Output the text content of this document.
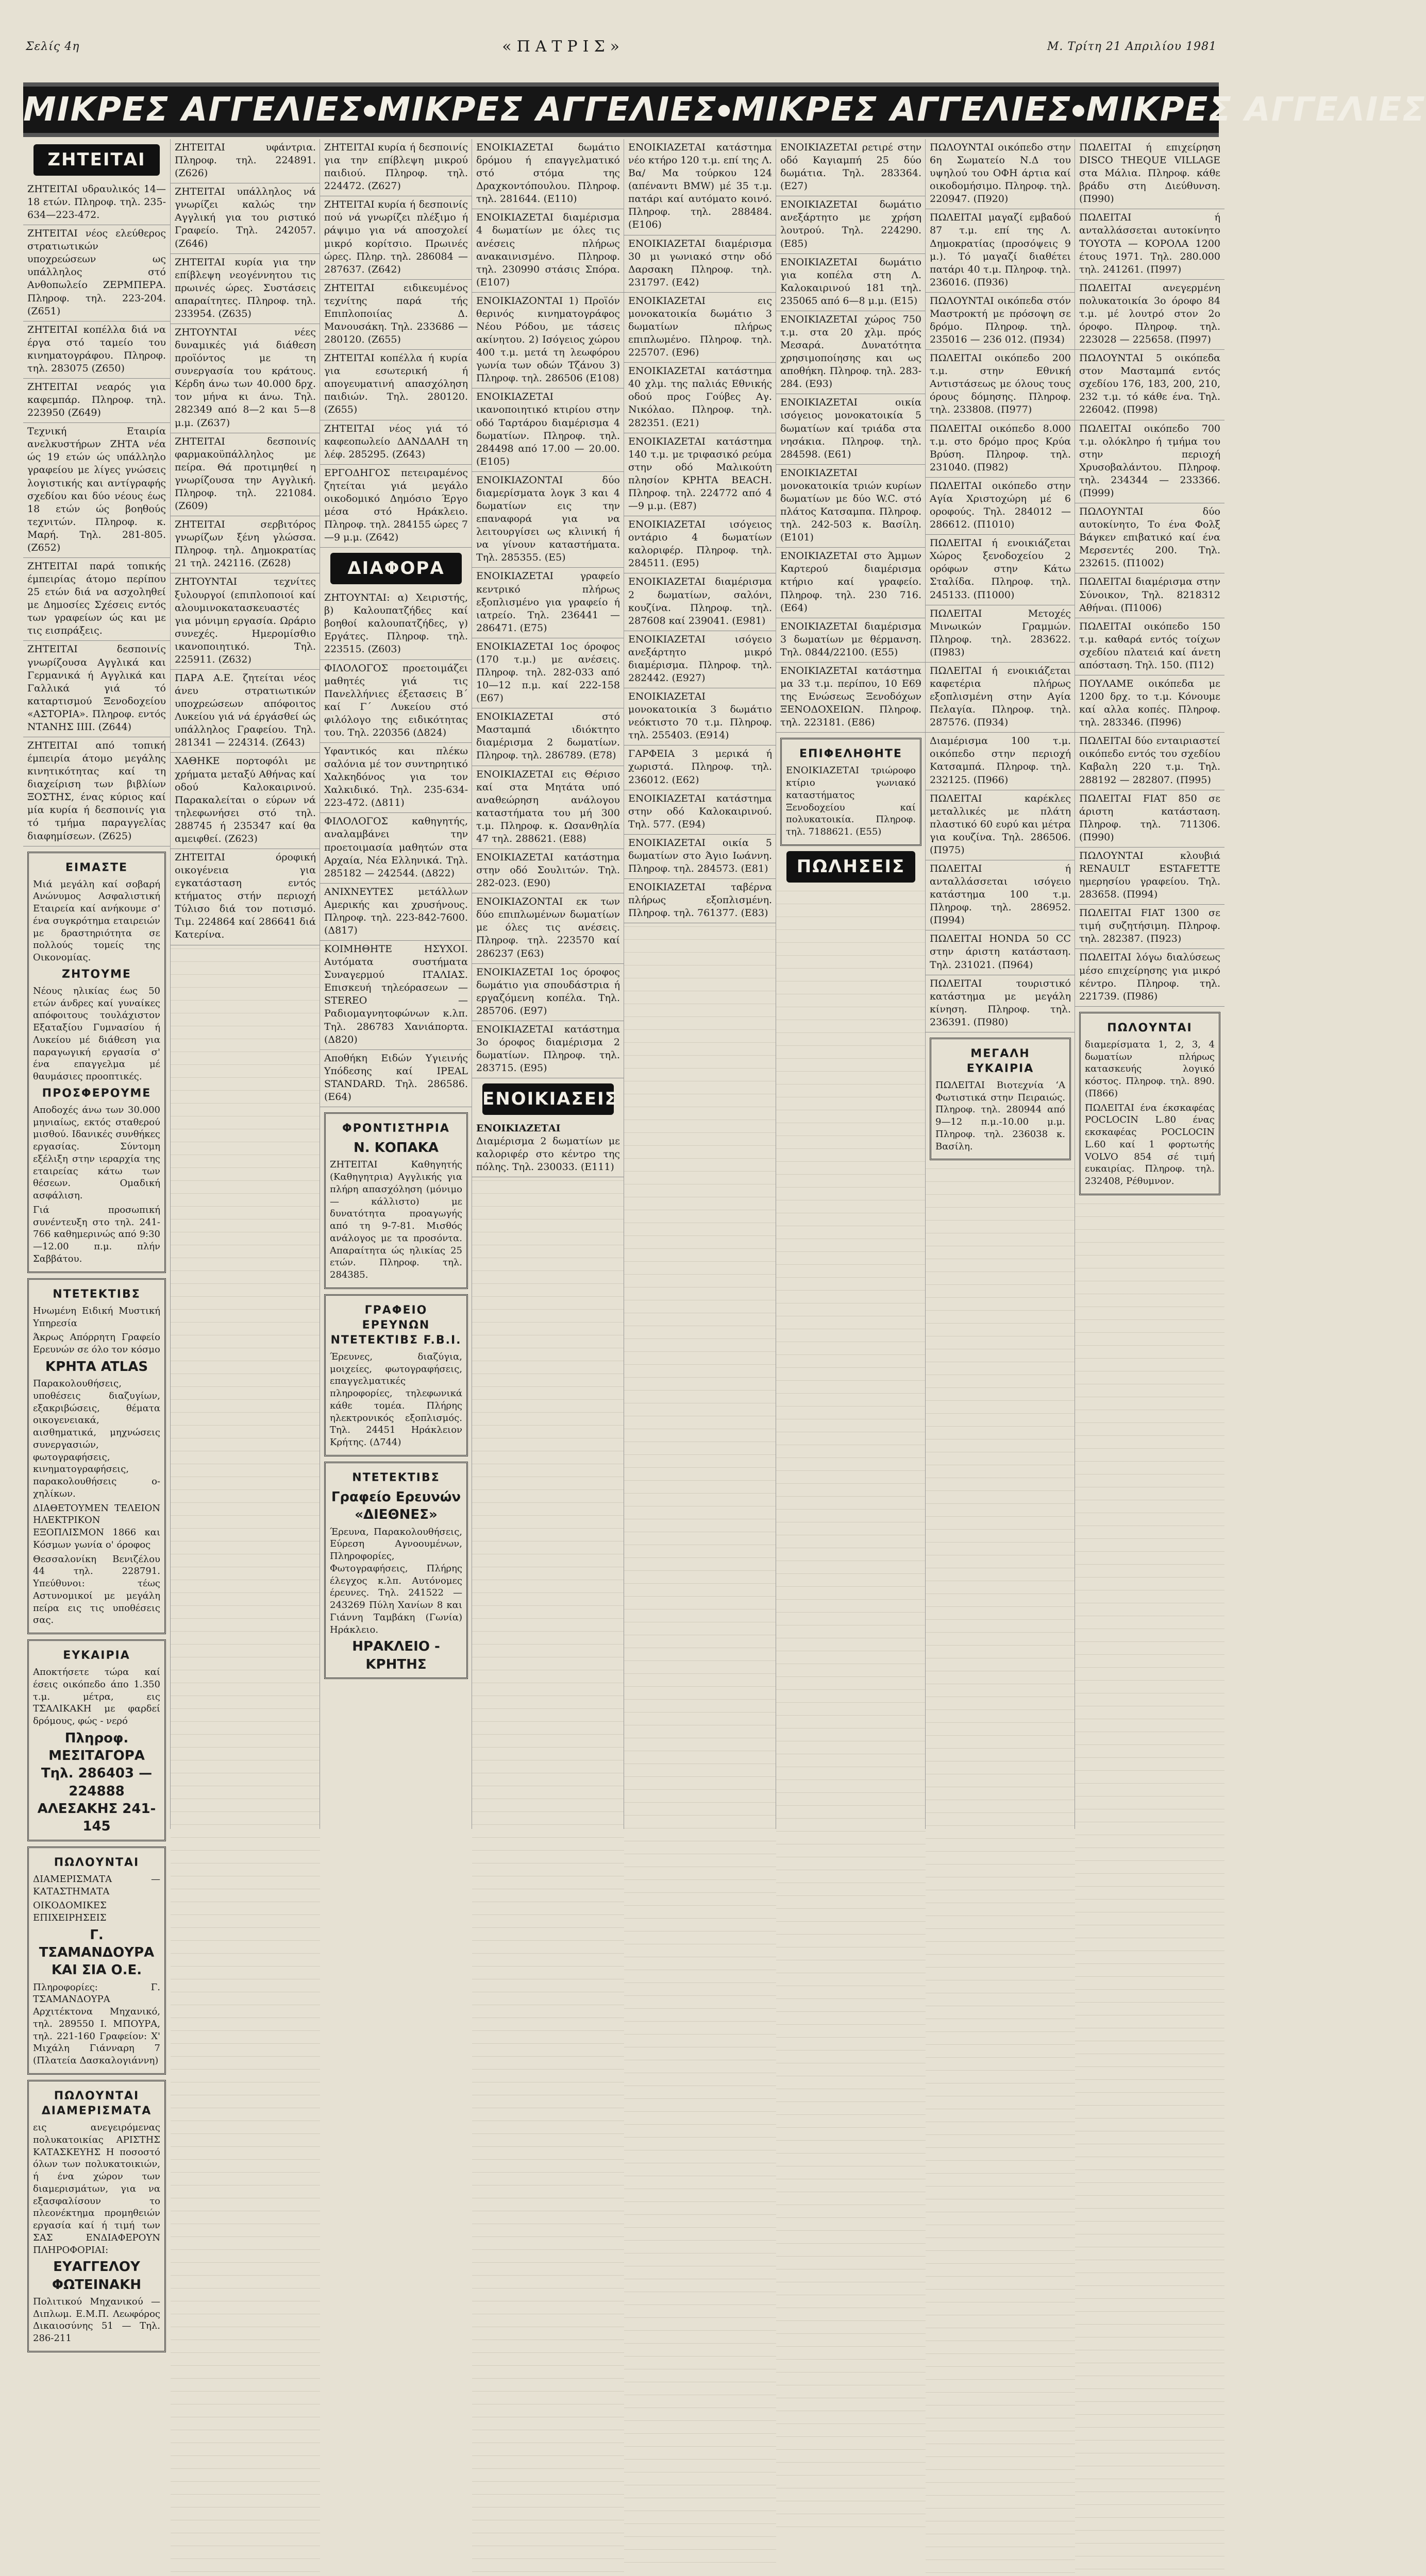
Σελίς 4η	«ΠΑΤΡΙΣ»	Μ. Τρίτη 21 Απριλίου 1981
ΜΙΚΡΕΣ ΑΓΓΕΛΙΕΣ ● ΜΙΚΡΕΣ ΑΓΓΕΛΙΕΣ ● ΜΙΚΡΕΣ ΑΓΓΕΛΙΕΣ ● ΜΙΚΡΕΣ ΑΓΓΕΛΙΕΣ
ΖΗΤΕΙΤΑΙ
ΖΗΤΕΙΤΑΙ υδραυλικός 14—18 ετών. Πληροφ. τηλ. 235-634—223-472.
ΖΗΤΕΙΤΑΙ νέος ελεύθερος στρατιωτικών υποχρεώσεων ως υπάλληλος στό Ανθοπωλείο ΖΕΡΜΠΕΡΑ. Πληροφ. τηλ. 223-204. (Ζ651)
ΖΗΤΕΙΤΑΙ κοπέλλα διά να έργα στό ταμείο του κινηματογράφου. Πληροφ. τηλ. 283075 (Ζ650)
ΖΗΤΕΙΤΑΙ νεαρός για καφεμπάρ. Πληροφ. τηλ. 223950 (Ζ649)
Τεχνική Εταιρία ανελκυστήρων ΖΗΤΑ νέα ώς 19 ετών ώς υπάλληλο γραφείου με λίγες γνώσεις λογιστικής και αντίγραφής σχεδίου και δύο νέους έως 18 ετών ώς βοηθούς τεχνιτών. Πληροφ. κ. Μαρή. Τηλ. 281-805. (Ζ652)
ΖΗΤΕΙΤΑΙ παρά τοπικής έμπειρίας άτομο περίπου 25 ετών διά να ασχοληθεί με Δημοσίες Σχέσεις εντός των γραφείων ώς και με τις εισπράξεις.
ΖΗΤΕΙΤΑΙ δεσποινίς γνωρίζουσα Αγγλικά και Γερμανικά ή Αγγλικά και Γαλλικά γιά τό καταρτισμού Ξενοδοχείου «ΑΣΤΟΡΙΑ». Πληροφ. εντός ΝΤΑΝΗΣ ΙΙΙΙ. (Ζ644)
ΖΗΤΕΙΤΑΙ από τοπική έμπειρία άτομο μεγάλης κινητικότητας καί τη διαχείριση των βιβλίων ΞΟΣΤΗΣ, ένας κύριος καί μία κυρία ή δεσποινίς για τό τμήμα παραγγελίας διαφημίσεων. (Ζ625)
ΕΙΜΑΣΤΕ

Μιά μεγάλη καί σοβαρή Ανώνυμος Ασφαλιστική Εταιρεία καί ανήκουμε σ' ένα συγκρότημα εταιρειών με δραστηριότητα σε πολλούς τομείς της Οικονομίας.

ΖΗΤΟΥΜΕ

Νέους ηλικίας έως 50 ετών άνδρες καί γυναίκες απόφοιτους τουλάχιστον Εξαταξίου Γυμνασίου ή Λυκείου μέ διάθεση για παραγωγική εργασία σ' ένα επαγγελμα μέ θαυμάσιες προοπτικές.

ΠΡΟΣΦΕΡΟΥΜΕ

Αποδοχές άνω των 30.000 μηνιαίως, εκτός σταθερού μισθού. Ιδανικές συνθήκες εργασίας. Σύντομη εξέλιξη στην ιεραρχία της εταιρείας κάτω των θέσεων. Ομαδική ασφάλιση.

Γιά προσωπική συνέντευξη στο τηλ. 241-766 καθημερινώς από 9:30—12.00 π.μ. πλήν Σαββάτου.

ΝΤΕΤΕΚΤΙΒΣ

Ηνωμένη Ειδική Μυστική Υπηρεσία

Άκρως Απόρρητη Γραφείο Ερευνών σε όλο τον κόσμο

ΚΡΗΤΑ ATLAS

Παρακολουθήσεις, υποθέσεις διαζυγίων, εξακριβώσεις, θέματα οικογενειακά, αισθηματικά, μηχνώσεις συνεργασιών, φωτογραφήσεις, κινηματογραφήσεις, παρακολουθήσεις ο-χηλίκων.

ΔΙΑΘΕΤΟΥΜΕΝ ΤΕΛΕΙΟΝ ΗΛΕΚΤΡΙΚΟΝ ΕΞΟΠΛΙΣΜΟΝ 1866 και Κόσμων γωνία ο' όροφος

Θεσσαλονίκη Βενιζέλου 44 τηλ. 228791. Υπεύθυνοι: τέως Αστυνομικοί με μεγάλη πείρα εις τις υποθέσεις σας.

ΕΥΚΑΙΡΙΑ

Αποκτήσετε τώρα καί έσεις οικόπεδο άπο 1.350 τ.μ. μέτρα, εις ΤΣΑΛΙΚΑΚΗ με φαρδεί δρόμους, φώς - νερό

Πληροφ. ΜΕΣΙΤΑΓΟΡΑ
Τηλ. 286403 — 224888
ΑΛΕΣΑΚΗΣ 241-145
ΠΩΛΟΥΝΤΑΙ

ΔΙΑΜΕΡΙΣΜΑΤΑ — ΚΑΤΑΣΤΗΜΑΤΑ

ΟΙΚΟΔΟΜΙΚΕΣ ΕΠΙΧΕΙΡΗΣΕΙΣ

Γ. ΤΣΑΜΑΝΔΟΥΡΑ ΚΑΙ ΣΙΑ Ο.Ε.

Πληροφορίες: Γ. ΤΣΑΜΑΝΔΟΥΡΑ Αρχιτέκτονα Μηχανικό, τηλ. 289550 Ι. ΜΠΟΥΡΑ, τηλ. 221-160 Γραφείον: Χ' Μιχάλη Γιάνναρη 7 (Πλατεία Δασκαλογιάννη)

ΠΩΛΟΥΝΤΑΙ ΔΙΑΜΕΡΙΣΜΑΤΑ

εις ανεγειρόμενας πολυκατοικίας ΑΡΙΣΤΗΣ ΚΑΤΑΣΚΕΥΗΣ Η ποσοστό όλων των πολυκατοικιών, ή ένα χώρον των διαμερισμάτων, για να εξασφαλίσουν το πλεονέκτημα προμηθειών εργασία καί ή τιμή των ΣΑΣ ΕΝΔΙΑΦΕΡΟΥΝ ΠΛΗΡΟΦΟΡΙΑΙ:

ΕΥΑΓΓΕΛΟΥ ΦΩΤΕΙΝΑΚΗ

Πολιτικού Μηχανικού — Διπλωμ. Ε.Μ.Π. Λεωφόρος Δικαιοσύνης 51 — Τηλ. 286-211

ΖΗΤΕΙΤΑΙ υφάντρια. Πληροφ. τηλ. 224891. (Ζ626)
ΖΗΤΕΙΤΑΙ υπάλληλος νά γνωρίζει καλώς την Αγγλική για του ριστικό Γραφείο. Τηλ. 242057. (Ζ646)
ΖΗΤΕΙΤΑΙ κυρία για την επίβλεψη νεογέννητου τις πρωινές ώρες. Συστάσεις απαραίτητες. Πληροφ. τηλ. 233954. (Ζ635)
ΖΗΤΟΥΝΤΑΙ νέες δυναμικές γιά διάθεση προϊόντος με τη συνεργασία του κράτους. Κέρδη άνω των 40.000 δρχ. τον μήνα κι άνω. Τηλ. 282349 από 8—2 και 5—8 μ.μ. (Ζ637)
ΖΗΤΕΙΤΑΙ δεσποινίς φαρμακοϋπάλληλος με πείρα. Θά προτιμηθεί η γνωρίζουσα την Αγγλική. Πληροφ. τηλ. 221084. (Ζ609)
ΖΗΤΕΙΤΑΙ σερβιτόρος γνωρίζων ξένη γλώσσα. Πληροφ. τηλ. Δημοκρατίας 21 τηλ. 242116. (Ζ628)
ΖΗΤΟΥΝΤΑΙ τεχνίτες ξυλουργοί (επιπλοποιοί καί αλουμινοκατασκευαστές για μόνιμη εργασία. Ωράριο συνεχές. Ημερομίσθιο ικανοποιητικό. Τηλ. 225911. (Ζ632)
ΠΑΡΑ Α.Ε. ζητείται νέος άνευ στρατιωτικών υποχρεώσεων απόφοιτος Λυκείου γιά νά έργάσθεί ώς υπάλληλος Γραφείου. Τηλ. 281341 — 224314. (Ζ643)
ΧΑΘΗΚΕ πορτοφόλι με χρήματα μεταξύ Αθήνας καί οδού Καλοκαιρινού. Παρακαλείται ο εύρων νά τηλεφωνήσει στό τηλ. 288745 ή 235347 καί θα αμειφθεί. (Ζ623)
ΖΗΤΕΙΤΑΙ όροφική οικογένεια για εγκατάσταση εντός κτήματος στήν περιοχή Τύλισο διά τον ποτισμό. Τιμ. 224864 καί 286641 διά Κατερίνα.
ΖΗΤΕΙΤΑΙ κυρία ή δεσποινίς για την επίβλεψη μικρού παιδιού. Πληροφ. τηλ. 224472. (Ζ627)
ΖΗΤΕΙΤΑΙ κυρία ή δεσποινίς πού νά γνωρίζει πλέξιμο ή ράψιμο για νά αποσχολεί μικρό κορίτσιο. Πρωινές ώρες. Πληρ. τηλ. 286084 — 287637. (Ζ642)
ΖΗΤΕΙΤΑΙ ειδικευμένος τεχνίτης παρά τής Επιπλοποιίας Δ. Μανουσάκη. Τηλ. 233686 — 280120. (Ζ655)
ΖΗΤΕΙΤΑΙ κοπέλλα ή κυρία για εσωτερική ή απογευματινή απασχόληση παιδιών. Τηλ. 280120. (Ζ655)
ΖΗΤΕΙΤΑΙ νέος γιά τό καφεοπωλείο ΔΑΝΔΑΛΗ τη λέφ. 285295. (Ζ643)
ΕΡΓΟΔΗΓΟΣ πετειραμένος ζητείται γιά μεγάλο οικοδομικό Δημόσιο Έργο μέσα στό Ηράκλειο. Πληροφ. τηλ. 284155 ώρες 7—9 μ.μ. (Ζ642)
ΔΙΑΦΟΡΑ
ΖΗΤΟΥΝΤΑΙ: α) Χειριστής, β) Καλουπατζήδες καί βοηθοί καλουπατζήδες, γ) Εργάτες. Πληροφ. τηλ. 223515. (Ζ603)
ΦΙΛΟΛΟΓΟΣ προετοιμάζει μαθητές γιά τις Πανελλήνιες έξετασεις Β΄ καί Γ΄ Λυκείου στό φιλόλογο της ειδικότητας του. Τηλ. 220356 (Δ824)
Υφαντικός και πλέκω σαλόνια μέ τον συντηρητικό Χαλκηδόνος για τον Χαλκιδικό. Τηλ. 235-634-223-472. (Δ811)
ΦΙΛΟΛΟΓΟΣ καθηγητής, αναλαμβάνει την προετοιμασία μαθητών στα Αρχαία, Νέα Ελληνικά. Τηλ. 285182 — 242544. (Δ822)
ΑΝΙΧΝΕΥΤΕΣ μετάλλων Αμερικής και χρυσήνους. Πληροφ. τηλ. 223-842-7600. (Δ817)
ΚΟΙΜΗΘΗΤΕ ΗΣΥΧΟΙ. Αυτόματα συστήματα Συναγερμού ΙΤΑΛΙΑΣ. Επισκευή τηλεόρασεων — STEREO — Ραδιομαγνητοφώνων κ.λπ. Τηλ. 286783 Χανιάπορτα. (Δ820)
Αποθήκη Ειδών Υγιεινής Υπόδεσης καί IPEAL STANDARD. Τηλ. 286586. (Ε64)
ΦΡΟΝΤΙΣΤΗΡΙΑ
Ν. ΚΟΠΑΚΑ

ΖΗΤΕΙΤΑΙ Καθηγητής (Καθηγητρια) Αγγλικής για πλήρη απασχόληση (μόνιμο — κάλλιστο) με δυνατότητα προαγωγής από τη 9-7-81. Μισθός ανάλογος με τα προσόντα. Απαραίτητα ώς ηλικίας 25 ετών. Πληροφ. τηλ. 284385.

ΓΡΑΦΕΙΟ ΕΡΕΥΝΩΝ ΝΤΕΤΕΚΤΙΒΣ F.B.I.

Έρευνες, διαζύγια, μοιχείες, φωτογραφήσεις, επαγγελματικές πληροφορίες, τηλεφωνικά κάθε τομέα. Πλήρης ηλεκτρονικός εξοπλισμός. Τηλ. 24451 Ηράκλειον Κρήτης. (Δ744)

ΝΤΕΤΕΚΤΙΒΣ
Γραφείο Ερευνών «ΔΙΕΘΝΕΣ»

Έρευνα, Παρακολουθήσεις, Εύρεση Αγνοουμένων, Πληροφορίες, Φωτογραφήσεις, Πλήρης έλεγχος κ.λπ. Αυτόνομες έρευνες. Τηλ. 241522 — 243269 Πύλη Χανίων 8 και Γιάννη Ταμβάκη (Γωνία) Ηράκλειο.

ΗΡΑΚΛΕΙΟ - ΚΡΗΤΗΣ
ΕΝΟΙΚΙΑΖΕΤΑΙ δωμάτιο δρόμου ή επαγγελματικό στό στόμα της Δραχκοντόπουλου. Πληροφ. τηλ. 281644. (Ε110)
ΕΝΟΙΚΙΑΖΕΤΑΙ διαμέρισμα 4 δωματίων με όλες τις ανέσεις πλήρως ανακαινισμένο. Πληροφ. τηλ. 230990 στάσις Σπόρα. (Ε107)
ΕΝΟΙΚΙΑΖΟΝΤΑΙ 1) Προϊόν θερινός κινηματογράφος Νέου Ρόδου, με τάσεις ακίνητου. 2) Ισόγειος χώρου 400 τ.μ. μετά τη λεωφόρου γωνία των οδών Τζάνου 3) Πληροφ. τηλ. 286506 (Ε108)
ΕΝΟΙΚΙΑΖΕΤΑΙ ικανοποιητικό κτιρίου στην οδό Ταρτάρου διαμέρισμα 4 δωματίων. Πληροφ. τηλ. 284498 από 17.00 — 20.00. (Ε105)
ΕΝΟΙΚΙΑΖΟΝΤΑΙ δύο διαμερίσματα λογκ 3 και 4 δωματίων εις την επαναφορά για να λειτουργίσει ως κλινική ή να γίνουν καταστήματα. Τηλ. 285355. (Ε5)
ΕΝΟΙΚΙΑΖΕΤΑΙ γραφείο κεντρικό πλήρως εξοπλισμένο για γραφείο ή ιατρείο. Τηλ. 236441 — 286471. (Ε75)
ΕΝΟΙΚΙΑΖΕΤΑΙ 1ος όροφος (170 τ.μ.) με ανέσεις. Πληροφ. τηλ. 282-033 από 10—12 π.μ. καί 222-158 (Ε67)
ΕΝΟΙΚΙΑΖΕΤΑΙ στό Μασταμπά ιδιόκτητο διαμέρισμα 2 δωματίων. Πληροφ. τηλ. 286789. (Ε78)
ΕΝΟΙΚΙΑΖΕΤΑΙ εις Θέρισο καί στα Μητάτα υπό αναθεώρηση ανάλογου καταστήματα του μή 300 τ.μ. Πληροφ. κ. Ωσανθηλία 47 τηλ. 288621. (Ε88)
ΕΝΟΙΚΙΑΖΕΤΑΙ κατάστημα στην οδό Σουλιτών. Τηλ. 282-023. (Ε90)
ΕΝΟΙΚΙΑΖΟΝΤΑΙ εκ των δύο επιπλωμένων δωματίων με όλες τις ανέσεις. Πληροφ. τηλ. 223570 καί 286237 (Ε63)
ΕΝΟΙΚΙΑΖΕΤΑΙ 1ος όροφος δωμάτιο για σπουδάστρια ή εργαζόμενη κοπέλα. Τηλ. 285706. (Ε97)
ΕΝΟΙΚΙΑΖΕΤΑΙ κατάστημα 3ο όροφος διαμέρισμα 2 δωματίων. Πληροφ. τηλ. 283715. (Ε95)
ΕΝΟΙΚΙΑΣΕΙΣ
ΕΝΟΙΚΙΑΖΕΤΑΙ Διαμέρισμα 2 δωματίων με καλοριφέρ στο κέντρο της πόλης. Τηλ. 230033. (Ε111)
ΕΝΟΙΚΙΑΖΕΤΑΙ κατάστημα νέο κτήρο 120 τ.μ. επί της Λ. Βα/ Μα τούρκου 124 (απέναντι BMW) μέ 35 τ.μ. πατάρι καί αυτόματο κοινό. Πληροφ. τηλ. 288484. (Ε106)
ΕΝΟΙΚΙΑΖΕΤΑΙ διαμέρισμα 30 μι γωνιακό στην οδό Δαρσακη Πληροφ. τηλ. 231797. (Ε42)
ΕΝΟΙΚΙΑΖΕΤΑΙ εις μονοκατοικία δωμάτιο 3 δωματίων πλήρως επιπλωμένο. Πληροφ. τηλ. 225707. (Ε96)
ΕΝΟΙΚΙΑΖΕΤΑΙ κατάστημα 40 χλμ. της παλιάς Εθνικής οδού προς Γούβες Αγ. Νικόλαο. Πληροφ. τηλ. 282351. (Ε21)
ΕΝΟΙΚΙΑΖΕΤΑΙ κατάστημα 140 τ.μ. με τριφασικό ρεύμα στην οδό Μαλικούτη πλησίον ΚΡΗΤΑ ΒΕΑCH. Πληροφ. τηλ. 224772 από 4—9 μ.μ. (Ε87)
ΕΝΟΙΚΙΑΖΕΤΑΙ ισόγειος οντάριο 4 δωματίων καλοριφέρ. Πληροφ. τηλ. 284511. (Ε95)
ΕΝΟΙΚΙΑΖΕΤΑΙ διαμέρισμα 2 δωματίων, σαλόνι, κουζίνα. Πληροφ. τηλ. 287608 καί 239041. (Ε981)
ΕΝΟΙΚΙΑΖΕΤΑΙ ισόγειο ανεξάρτητο μικρό διαμέρισμα. Πληροφ. τηλ. 282442. (Ε927)
ΕΝΟΙΚΙΑΖΕΤΑΙ μονοκατοικία 3 δωμάτιο νεόκτιστο 70 τ.μ. Πληροφ. τηλ. 255403. (Ε914)
ΓΑΡΦΕΙΑ 3 μερικά ή χωριστά. Πληροφ. τηλ. 236012. (Ε62)
ΕΝΟΙΚΙΑΖΕΤΑΙ κατάστημα στην οδό Καλοκαιρινού. Τηλ. 577. (Ε94)
ΕΝΟΙΚΙΑΖΕΤΑΙ οικία 5 δωματίων στο Άγιο Ιωάννη. Πληροφ. τηλ. 284573. (Ε81)
ΕΝΟΙΚΙΑΖΕΤΑΙ ταβέρνα πλήρως εξοπλισμένη. Πληροφ. τηλ. 761377. (Ε83)
ΕΝΟΙΚΙΑΖΕΤΑΙ ρετιρέ στην οδό Καγιαμπή 25 δύο δωμάτια. Τηλ. 283364. (Ε27)
ΕΝΟΙΚΙΑΖΕΤΑΙ δωμάτιο ανεξάρτητο με χρήση λουτρού. Τηλ. 224290. (Ε85)
ΕΝΟΙΚΙΑΖΕΤΑΙ δωμάτιο για κοπέλα στη Λ. Καλοκαιρινού 181 τηλ. 235065 από 6—8 μ.μ. (Ε15)
ΕΝΟΙΚΙΑΖΕΤΑΙ χώρος 750 τ.μ. στα 20 χλμ. πρός Μεσαρά. Δυνατότητα χρησιμοποίησης και ως αποθήκη. Πληροφ. τηλ. 283-284. (Ε93)
ΕΝΟΙΚΙΑΖΕΤΑΙ οικία ισόγειος μονοκατοικία 5 δωματίων καί τριάδα στα νησάκια. Πληροφ. τηλ. 284598. (Ε61)
ΕΝΟΙΚΙΑΖΕΤΑΙ μονοκατοικία τριών κυρίων δωματίων με δύο W.C. στό πλάτος Κατσαμπα. Πληροφ. τηλ. 242-503 κ. Βασίλη. (Ε101)
ΕΝΟΙΚΙΑΖΕΤΑΙ στο Άμμων Καρτερού διαμέρισμα κτήριο καί γραφείο. Πληροφ. τηλ. 230 716. (Ε64)
ΕΝΟΙΚΙΑΖΕΤΑΙ διαμέρισμα 3 δωματίων με θέρμανση. Τηλ. 0844/22100. (Ε55)
ΕΝΟΙΚΙΑΖΕΤΑΙ κατάστημα μα 33 τ.μ. περίπου, 10 Ε69 της Ενώσεως Ξενοδόχων ΞΕΝΟΔΟΧΕΙΩΝ. Πληροφ. τηλ. 223181. (Ε86)
ΕΠΙΦΕΛΗΘΗΤΕ

ΕΝΟΙΚΙΑΖΕΤΑΙ τριώροφο κτίριο γωνιακό καταστήματος Ξενοδοχείου καί πολυκατοικία. Πληροφ. τηλ. 7188621. (Ε55)

ΠΩΛΗΣΕΙΣ
ΠΩΛΟΥΝΤΑΙ οικόπεδο στην 6η Σωματείο Ν.Δ του υψηλού του ΟΦΗ άρτια καί οικοδομήσιμο. Πληροφ. τηλ. 220947. (Π920)
ΠΩΛΕΙΤΑΙ μαγαζί εμβαδού 87 τ.μ. επί της Λ. Δημοκρατίας (προσόψεις 9 μ.). Τό μαγαζί διαθέτει πατάρι 40 τ.μ. Πληροφ. τηλ. 236016. (Π936)
ΠΩΛΟΥΝΤΑΙ οικόπεδα στόν Μαστροκτή με πρόσοψη σε δρόμο. Πληροφ. τηλ. 235016 — 236 012. (Π934)
ΠΩΛΕΙΤΑΙ οικόπεδο 200 τ.μ. στην Εθνική Αντιστάσεως με όλους τους όρους δόμησης. Πληροφ. τηλ. 233808. (Π977)
ΠΩΛΕΙΤΑΙ οικόπεδο 8.000 τ.μ. στο δρόμο προς Κρύα Βρύση. Πληροφ. τηλ. 231040. (Π982)
ΠΩΛΕΙΤΑΙ οικόπεδο στην Αγία Χριστοχώρη μέ 6 οροφούς. Τηλ. 284012 — 286612. (Π1010)
ΠΩΛΕΙΤΑΙ ή ενοικιάζεται Χώρος ξενοδοχείου 2 ορόφων στην Κάτω Σταλίδα. Πληροφ. τηλ. 245133. (Π1000)
ΠΩΛΕΙΤΑΙ Μετοχές Μινωικών Γραμμών. Πληροφ. τηλ. 283622. (Π983)
ΠΩΛΕΙΤΑΙ ή ενοικιάζεται καφετέρια πλήρως εξοπλισμένη στην Αγία Πελαγία. Πληροφ. τηλ. 287576. (Π934)
Διαμέρισμα 100 τ.μ. οικόπεδο στην περιοχή Κατσαμπά. Πληροφ. τηλ. 232125. (Π966)
ΠΩΛΕΙΤΑΙ καρέκλες μεταλλικές με πλάτη πλαστικό 60 ευρύ και μέτρα για κουζίνα. Τηλ. 286506. (Π975)
ΠΩΛΕΙΤΑΙ ή ανταλλάσσεται ισόγειο κατάστημα 100 τ.μ. Πληροφ. τηλ. 286952. (Π994)
ΠΩΛΕΙΤΑΙ HONDA 50 CC στην άριστη κατάσταση. Τηλ. 231021. (Π964)
ΠΩΛΕΙΤΑΙ τουριστικό κατάστημα με μεγάλη κίνηση. Πληροφ. τηλ. 236391. (Π980)
ΜΕΓΑΛΗ ΕΥΚΑΙΡΙΑ

ΠΩΛΕΙΤΑΙ Βιοτεχνία ‘Α Φωτιστικά στην Πειραιώς. Πληροφ. τηλ. 280944 από 9—12 π.μ.-10.00 μ.μ. Πληροφ. τηλ. 236038 κ. Βασίλη.

ΠΩΛΕΙΤΑΙ ή επιχείρηση DISCO THEQUE VILLAGE στα Μάλια. Πληροφ. κάθε βράδυ στη Διεύθυνση. (Π990)
ΠΩΛΕΙΤΑΙ ή ανταλλάσσεται αυτοκίνητο TOYOTA — ΚΟΡΟΛΑ 1200 έτους 1971. Τηλ. 280.000 τηλ. 241261. (Π997)
ΠΩΛΕΙΤΑΙ ανεγερμένη πολυκατοικία 3ο όροφο 84 τ.μ. μέ λουτρό στον 2ο όροφο. Πληροφ. τηλ. 223028 — 225658. (Π997)
ΠΩΛΟΥΝΤΑΙ 5 οικόπεδα στον Μασταμπά εντός σχεδίου 176, 183, 200, 210, 232 τ.μ. τό κάθε ένα. Τηλ. 226042. (Π998)
ΠΩΛΕΙΤΑΙ οικόπεδο 700 τ.μ. ολόκληρο ή τμήμα του στην περιοχή Χρυσοβαλάντου. Πληροφ. τηλ. 234344 — 233366. (Π999)
ΠΩΛΟΥΝΤΑΙ δύο αυτοκίνητο, Το ένα Φολξ Βάγκεν επιβατικό καί ένα Μερσεντές 200. Τηλ. 232615. (Π1002)
ΠΩΛΕΙΤΑΙ διαμέρισμα στην Σύνοικον, Τηλ. 8218312 Αθήναι. (Π1006)
ΠΩΛΕΙΤΑΙ οικόπεδο 150 τ.μ. καθαρά εντός τοίχων σχεδίου πλατειά καί άνετη απόσταση. Τηλ. 150. (Π12)
ΠΟΥΛΑΜΕ οικόπεδα με 1200 δρχ. το τ.μ. Κόνουμε καί αλλα κοπές. Πληροφ. τηλ. 283346. (Π996)
ΠΩΛΕΙΤΑΙ δύο ενταιριαστεί οικόπεδο εντός του σχεδίου Καβαλη 220 τ.μ. Τηλ. 288192 — 282807. (Π995)
ΠΩΛΕΙΤΑΙ FIAT 850 σε άριστη κατάσταση. Πληροφ. τηλ. 711306. (Π990)
ΠΩΛΟΥΝΤΑΙ κλουβιά RENAULT ESTAFETTE ημερησίου γραφείου. Τηλ. 283658. (Π994)
ΠΩΛΕΙΤΑΙ FIAT 1300 σε τιμή συζητήσιμη. Πληροφ. τηλ. 282387. (Π923)
ΠΩΛΕΙΤΑΙ λόγω διαλύσεως μέσο επιχείρησης για μικρό κέντρο. Πληροφ. τηλ. 221739. (Π986)
ΠΩΛΟΥΝΤΑΙ

διαμερίσματα 1, 2, 3, 4 δωματίων πλήρως κατασκευής λογικό κόστος. Πληροφ. τηλ. 890. (Π866)

ΠΩΛΕΙΤΑΙ ένα έκσκαφέας POCLOCIN L.80 ένας εκσκαφέας POCLOCIN L.60 καί 1 φορτωτής VOLVO 854 σέ τιμή ευκαιρίας. Πληροφ. τηλ. 232408, Ρέθυμνον.
